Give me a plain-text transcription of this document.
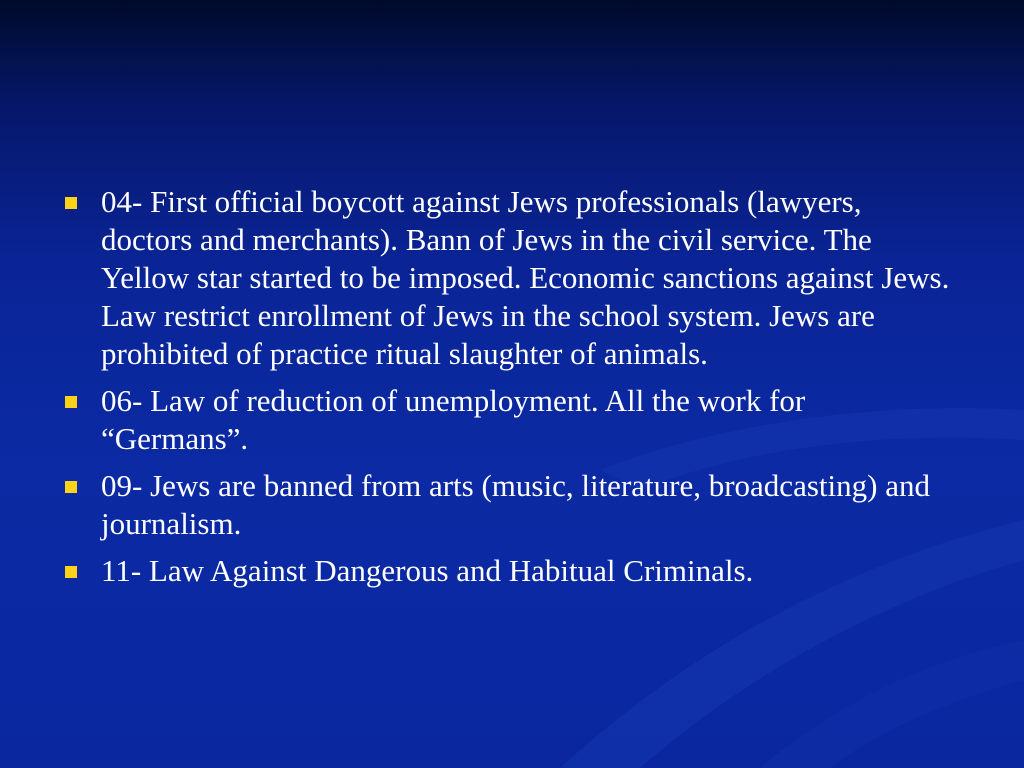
04- First official boycott against Jews professionals (lawyers, doctors and merchants). Bann of Jews in the civil service. The Yellow star started to be imposed. Economic sanctions against Jews. Law restrict enrollment of Jews in the school system. Jews are prohibited of practice ritual slaughter of animals.
06- Law of reduction of unemployment. All the work for “Germans”.
09- Jews are banned from arts (music, literature, broadcasting) and journalism.
11- Law Against Dangerous and Habitual Criminals.
